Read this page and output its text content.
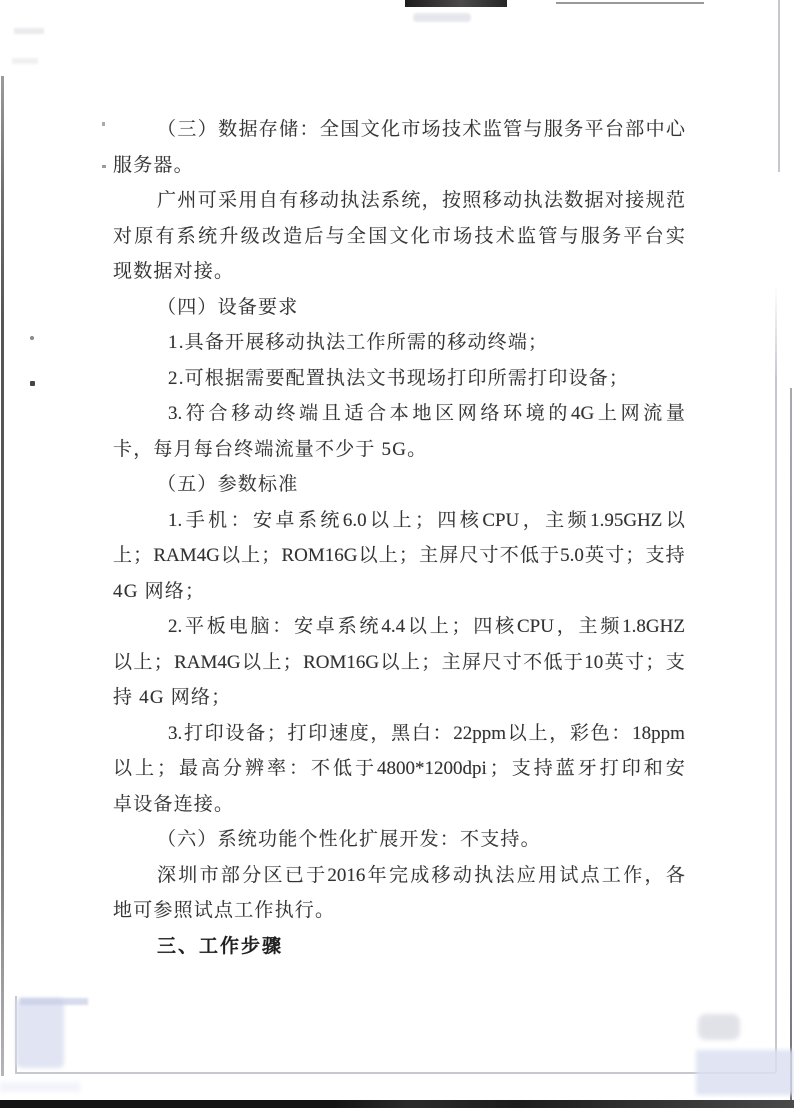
（ 三 ） 数 据 存 储 ： 全 国 文 化 市 场 技 术 监 管 与 服 务 平 台 部 中 心
服务器。
广 州 可 采 用 自 有 移 动 执 法 系 统 ， 按 照 移 动 执 法 数 据 对 接 规 范
对 原 有 系 统 升 级 改 造 后 与 全 国 文 化 市 场 技 术 监 管 与 服 务 平 台 实
现数据对接。
（四）设备要求
1.具备开展移动执法工作所需的移动终端；
2.可根据需要配置执法文书现场打印所需打印设备；
3. 符 合 移 动 终 端 且 适 合 本 地 区 网 络 环 境 的 4G 上 网 流 量
卡，每月每台终端流量不少于 5G。
（五）参数标准
1. 手 机 ： 安 卓 系 统 6.0 以 上 ； 四 核 CPU ， 主 频 1.95GHZ 以
上 ； RAM4G 以 上 ； ROM16G 以 上 ； 主 屏 尺 寸 不 低 于 5.0 英 寸 ； 支 持
4G 网络；
2. 平 板 电 脑 ： 安 卓 系 统 4.4 以 上 ； 四 核 CPU ， 主 频 1.8GHZ
以 上 ； RAM4G 以 上 ； ROM16G 以 上 ； 主 屏 尺 寸 不 低 于 10 英 寸 ； 支
持 4G 网络；
3. 打 印 设 备 ； 打 印 速 度 ， 黑 白 ： 22ppm 以 上 ， 彩 色 ： 18ppm
以 上 ； 最 高 分 辨 率 ： 不 低 于 4800*1200dpi ； 支 持 蓝 牙 打 印 和 安
卓设备连接。
（六）系统功能个性化扩展开发：不支持。
深 圳 市 部 分 区 已 于 2016 年 完 成 移 动 执 法 应 用 试 点 工 作 ， 各
地可参照试点工作执行。
三、工作步骤
